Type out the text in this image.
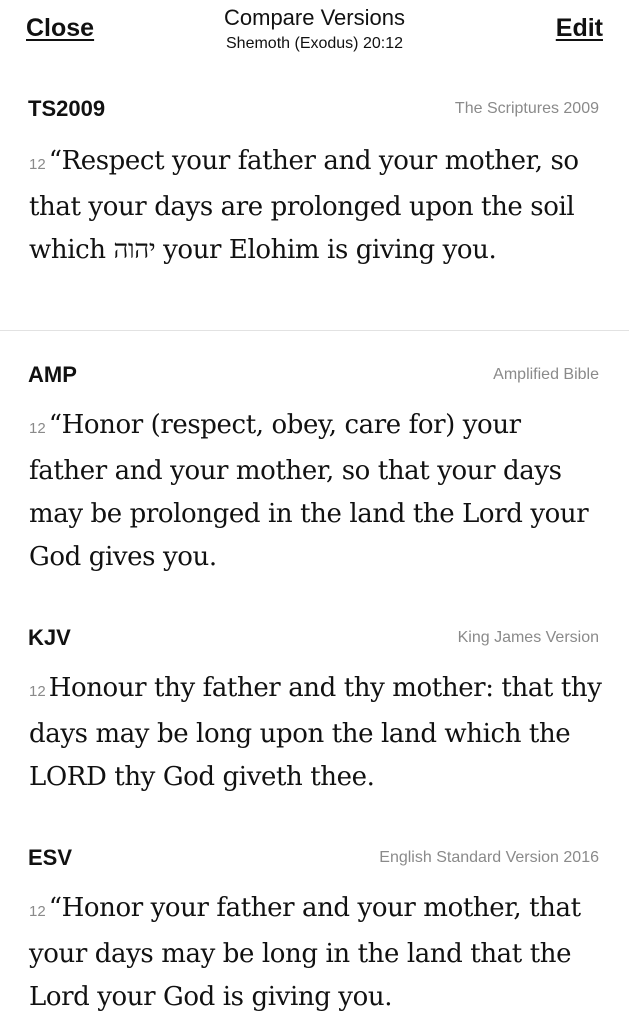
Close	Compare Versions
Shemoth (Exodus) 20:12
Edit
TS2009	The Scriptures 2009
12 “Respect your father and your mother, so that your days are prolonged upon the soil which יהוה your Elohim is giving you.
AMP	Amplified Bible
12 “Honor (respect, obey, care for) your father and your mother, so that your days may be prolonged in the land the Lord your God gives you.
KJV	King James Version
12 Honour thy father and thy mother: that thy days may be long upon the land which the LORD thy God giveth thee.
ESV	English Standard Version 2016
12 “Honor your father and your mother, that your days may be long in the land that the Lord your God is giving you.
